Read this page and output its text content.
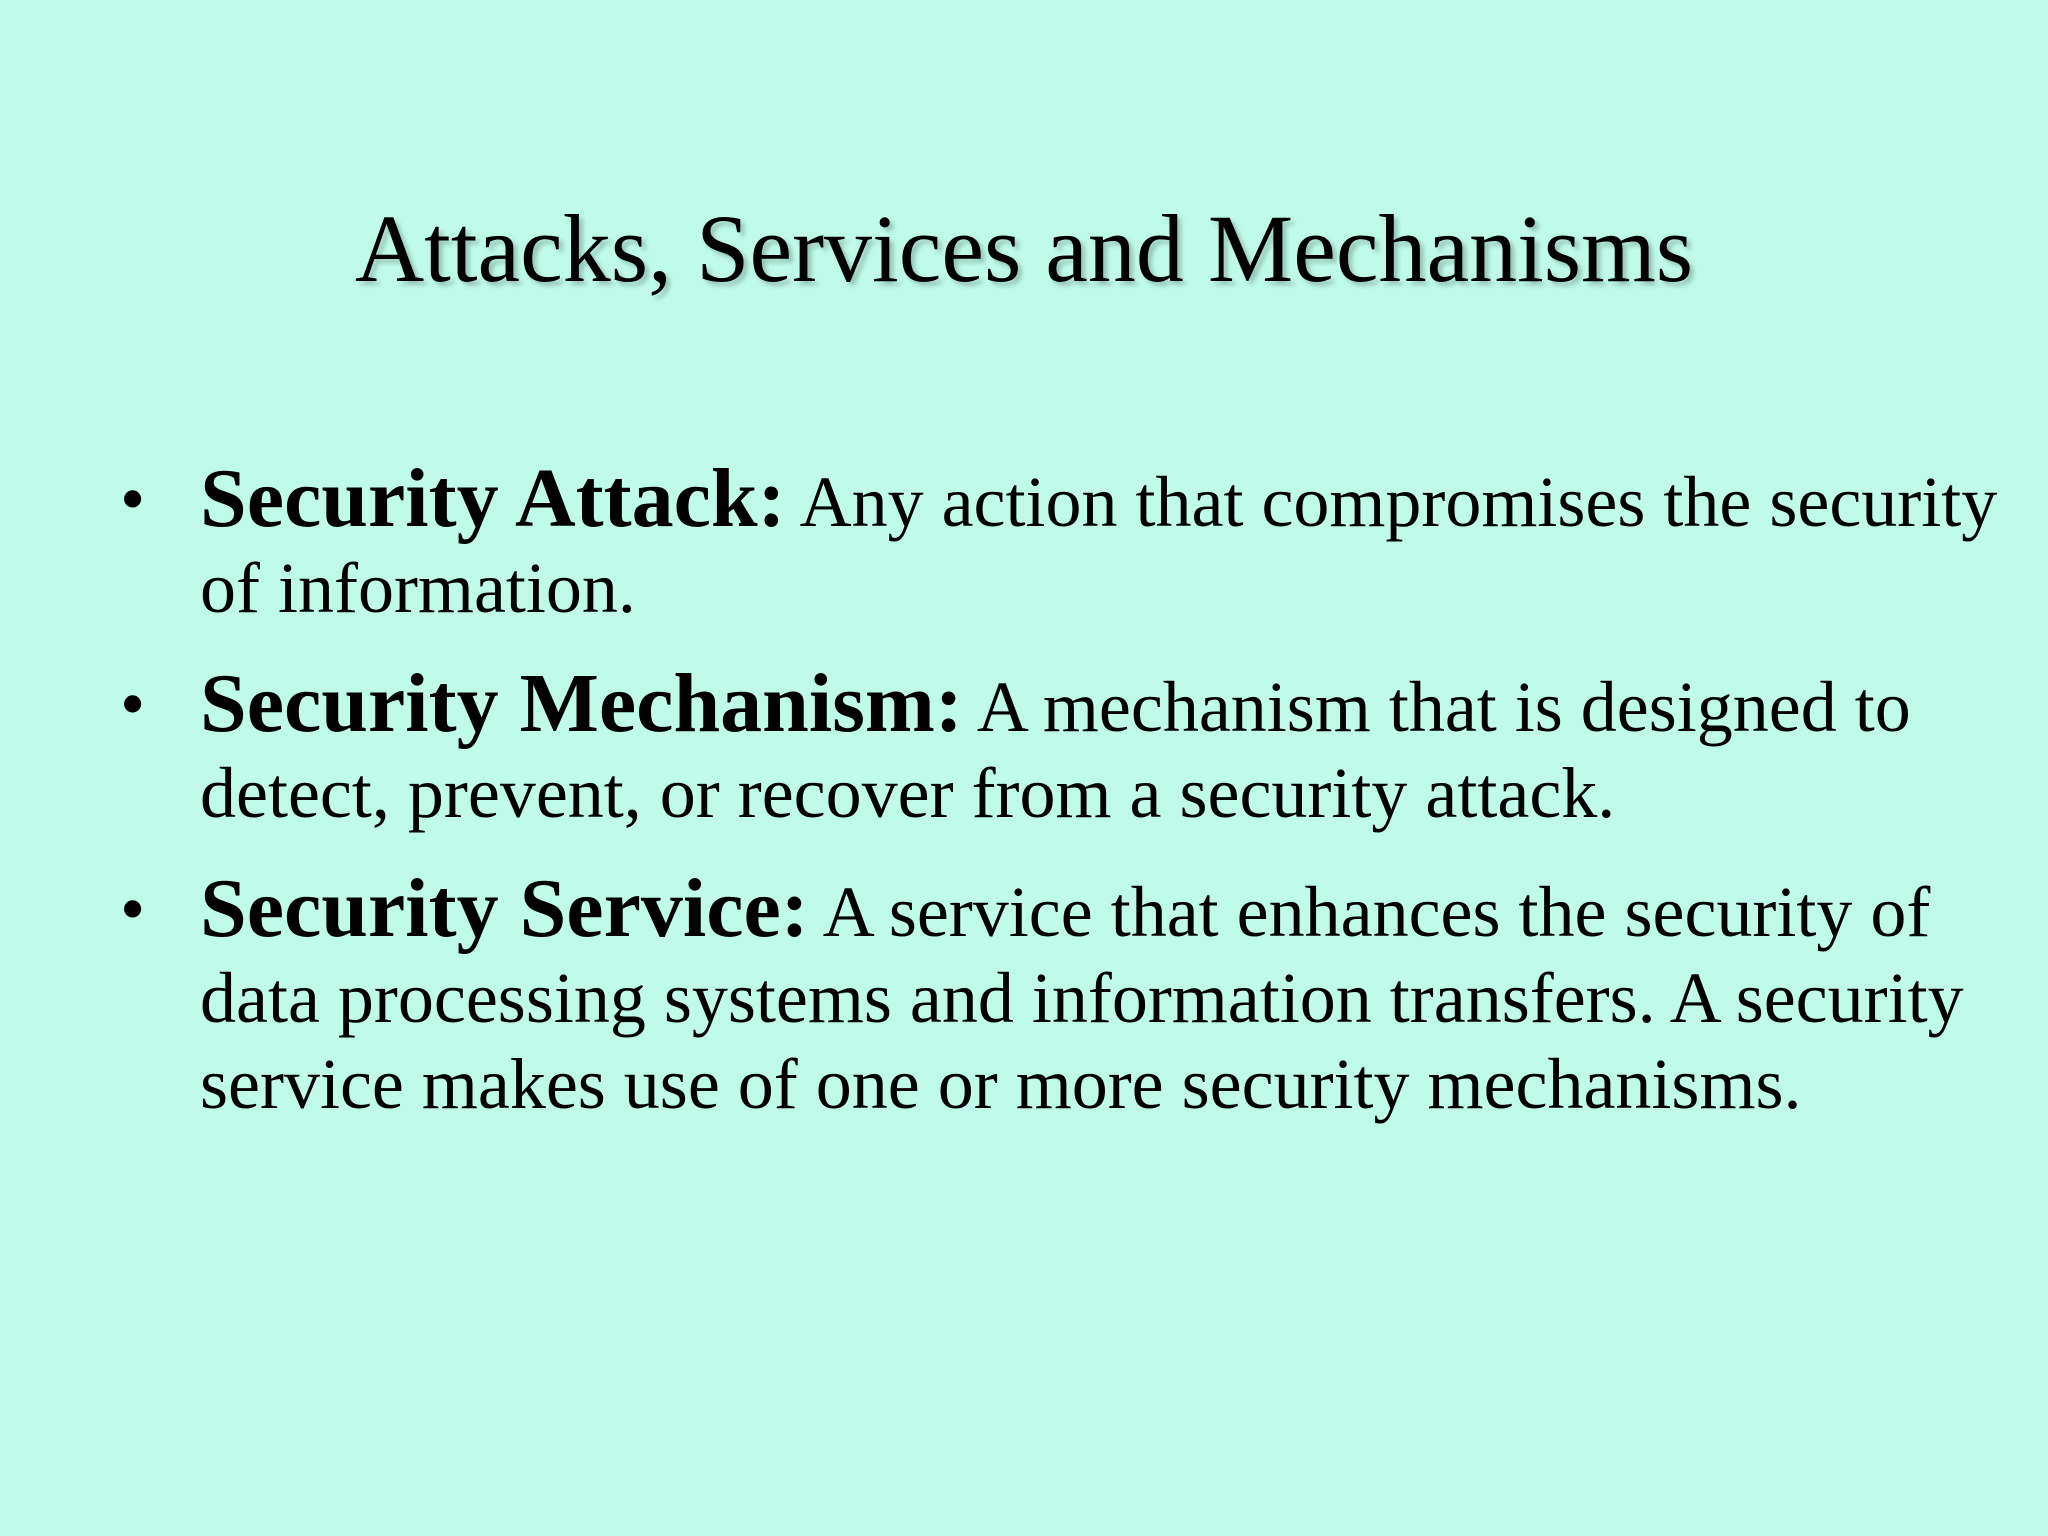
Attacks, Services and Mechanisms
• Security Attack: Any action that compromises the security of information.
• Security Mechanism: A mechanism that is designed to detect, prevent, or recover from a security attack.
• Security Service: A service that enhances the security of data processing systems and information transfers. A security service makes use of one or more security mechanisms.
